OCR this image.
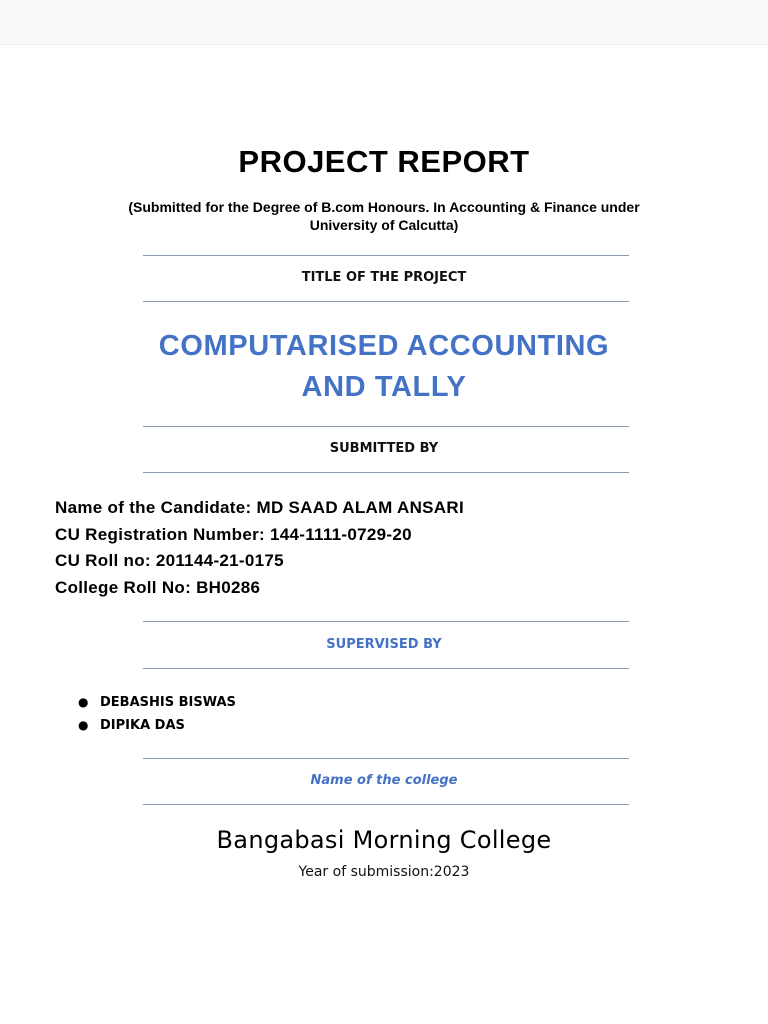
PROJECT REPORT
(Submitted for the Degree of B.com Honours. In Accounting & Finance under
University of Calcutta)
TITLE OF THE PROJECT
COMPUTARISED ACCOUNTING
AND TALLY
SUBMITTED BY
Name of the Candidate: MD SAAD ALAM ANSARI
CU Registration Number: 144-1111-0729-20
CU Roll no: 201144-21-0175
College Roll No: BH0286
SUPERVISED BY
● DEBASHIS BISWAS
● DIPIKA DAS
Name of the college
Bangabasi Morning College
Year of submission:2023
